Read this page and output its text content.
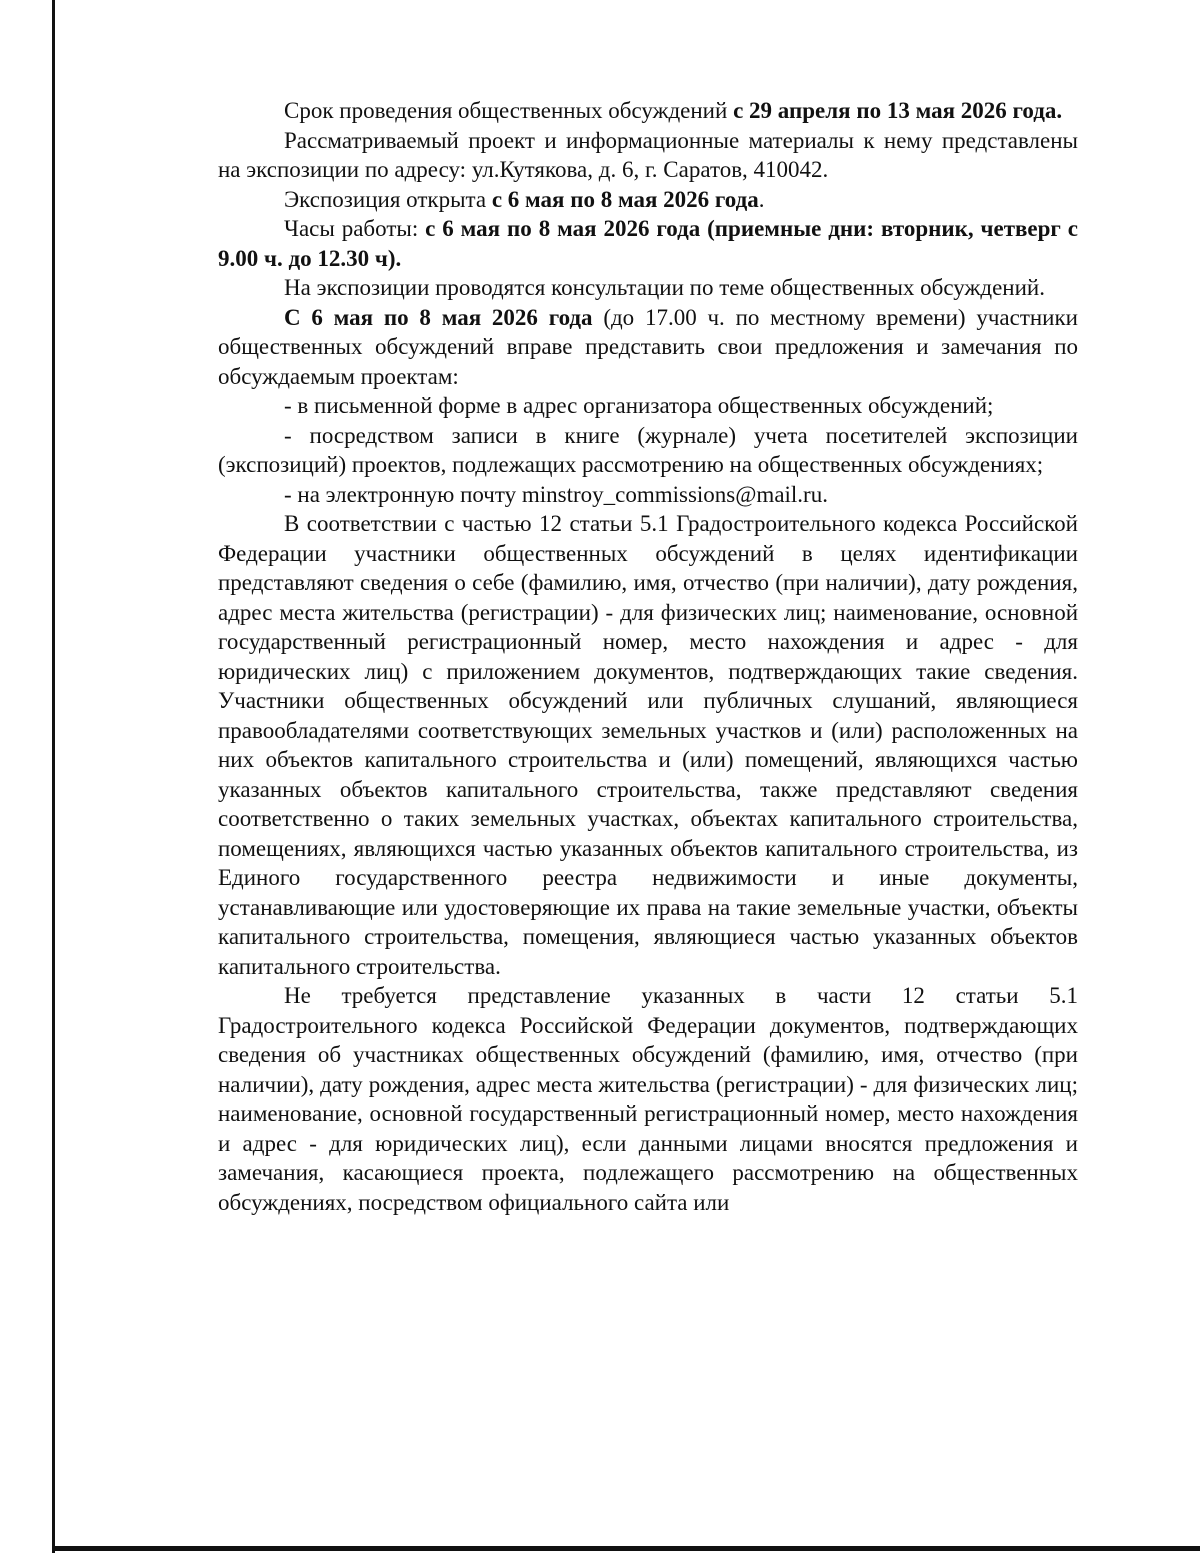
Срок проведения общественных обсуждений с 29 апреля по 13 мая 2026 года.

Рассматриваемый проект и информационные материалы к нему представлены на экспозиции по адресу: ул.Кутякова, д. 6, г. Саратов, 410042.

Экспозиция открыта с 6 мая по 8 мая 2026 года.

Часы работы: с 6 мая по 8 мая 2026 года (приемные дни: вторник, четверг с 9.00 ч. до 12.30 ч).

На экспозиции проводятся консультации по теме общественных обсуждений.

С 6 мая по 8 мая 2026 года (до 17.00 ч. по местному времени) участники общественных обсуждений вправе представить свои предложения и замечания по обсуждаемым проектам:

- в письменной форме в адрес организатора общественных обсуждений;

- посредством записи в книге (журнале) учета посетителей экспозиции (экспозиций) проектов, подлежащих рассмотрению на общественных обсуждениях;

- на электронную почту minstroy_commissions@mail.ru.

В соответствии с частью 12 статьи 5.1 Градостроительного кодекса Российской Федерации участники общественных обсуждений в целях идентификации представляют сведения о себе (фамилию, имя, отчество (при наличии), дату рождения, адрес места жительства (регистрации) - для физических лиц; наименование, основной государственный регистрационный номер, место нахождения и адрес - для юридических лиц) с приложением документов, подтверждающих такие сведения. Участники общественных обсуждений или публичных слушаний, являющиеся правообладателями соответствующих земельных участков и (или) расположенных на них объектов капитального строительства и (или) помещений, являющихся частью указанных объектов капитального строительства, также представляют сведения соответственно о таких земельных участках, объектах капитального строительства, помещениях, являющихся частью указанных объектов капитального строительства, из Единого государственного реестра недвижимости и иные документы, устанавливающие или удостоверяющие их права на такие земельные участки, объекты капитального строительства, помещения, являющиеся частью указанных объектов капитального строительства.

Не требуется представление указанных в части 12 статьи 5.1 Градостроительного кодекса Российской Федерации документов, подтверждающих сведения об участниках общественных обсуждений (фамилию, имя, отчество (при наличии), дату рождения, адрес места жительства (регистрации) - для физических лиц; наименование, основной государственный регистрационный номер, место нахождения и адрес - для юридических лиц), если данными лицами вносятся предложения и замечания, касающиеся проекта, подлежащего рассмотрению на общественных обсуждениях, посредством официального сайта или
